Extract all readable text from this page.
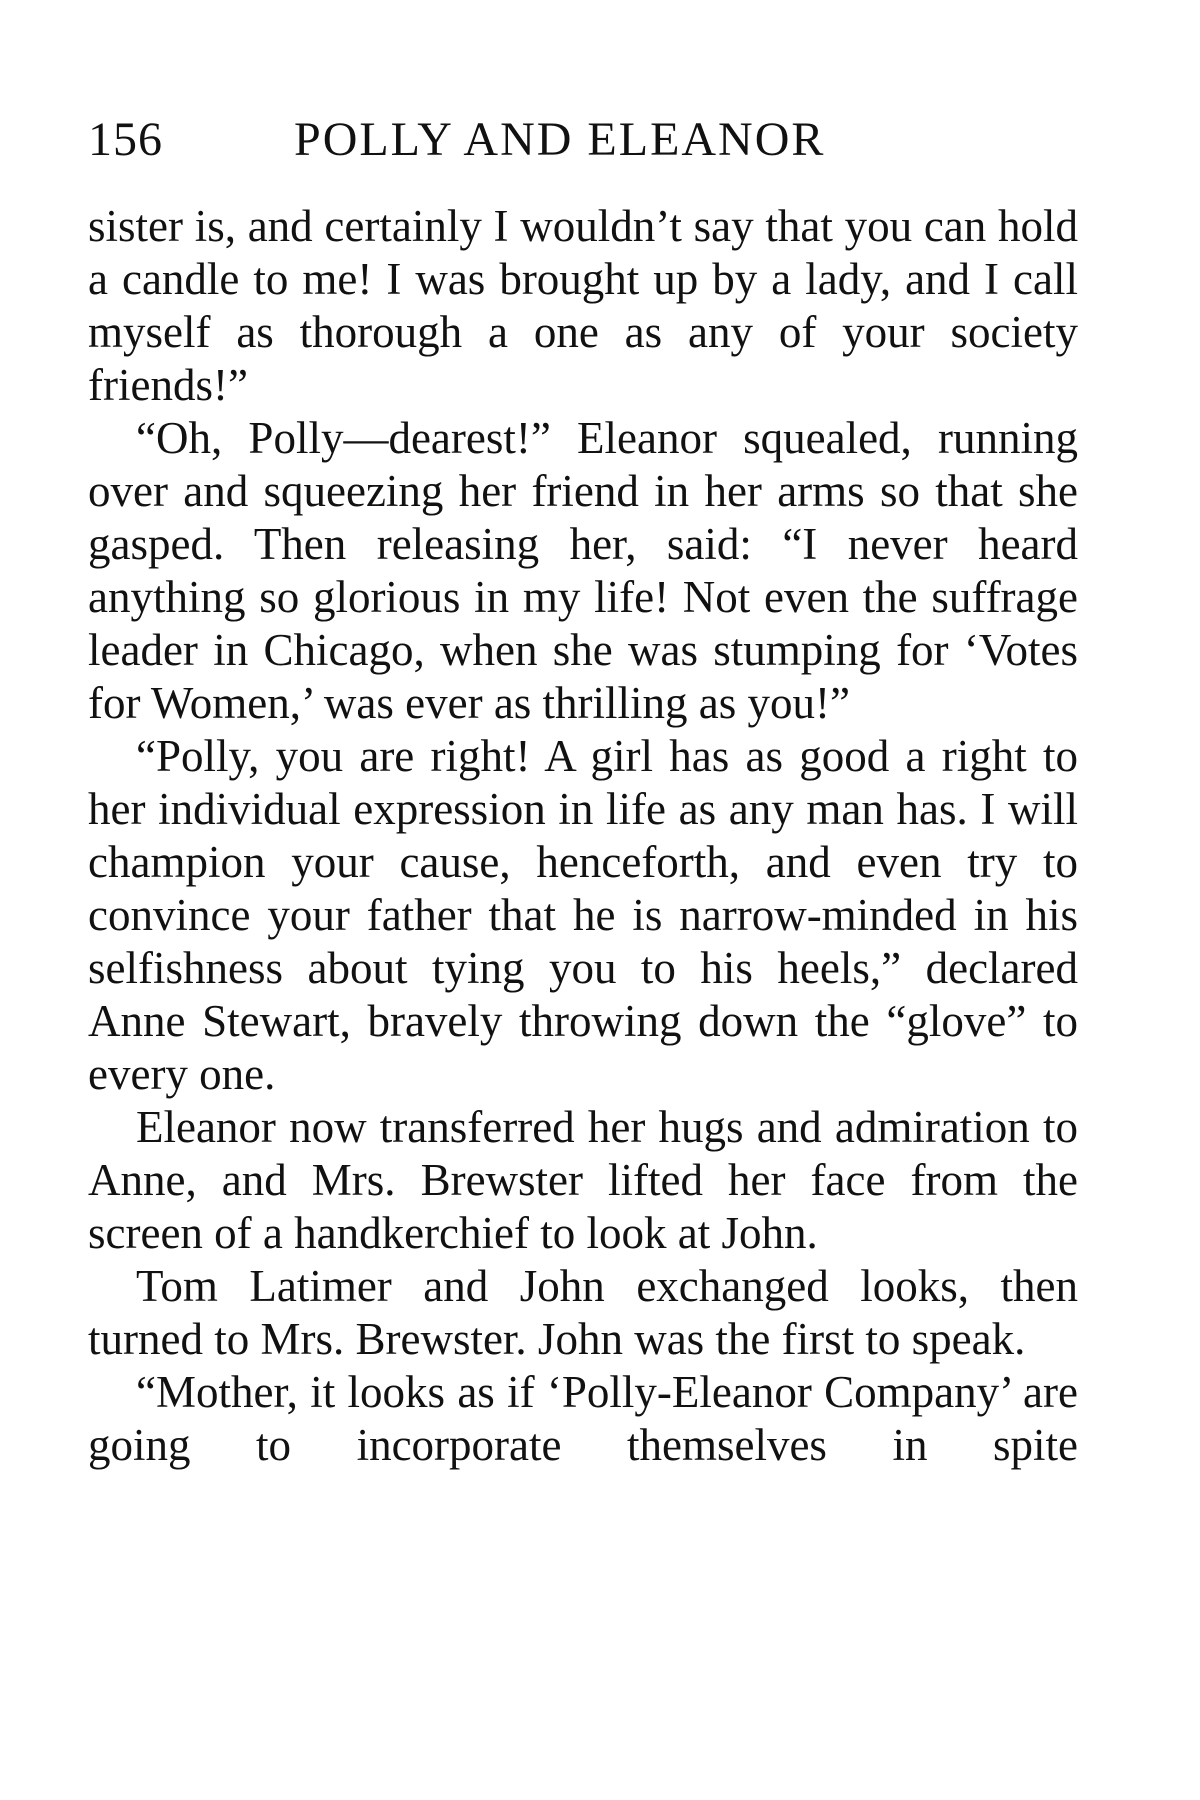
156	POLLY AND ELEANOR

sister is, and certainly I wouldn’t say that you can hold a candle to me! I was brought up by a lady, and I call myself as thorough a one as any of your society friends!”

“Oh, Polly—dearest!” Eleanor squealed, running over and squeezing her friend in her arms so that she gasped. Then releasing her, said: “I never heard anything so glorious in my life! Not even the suffrage leader in Chicago, when she was stumping for ‘Votes for Women,’ was ever as thrilling as you!”

“Polly, you are right! A girl has as good a right to her individual expression in life as any man has. I will champion your cause, henceforth, and even try to convince your father that he is narrow-minded in his selfishness about tying you to his heels,” declared Anne Stewart, bravely throwing down the “glove” to every one.

Eleanor now transferred her hugs and admiration to Anne, and Mrs. Brewster lifted her face from the screen of a handkerchief to look at John.

Tom Latimer and John exchanged looks, then turned to Mrs. Brewster. John was the first to speak.

“Mother, it looks as if ‘Polly-Eleanor Company’ are going to incorporate themselves in spite
